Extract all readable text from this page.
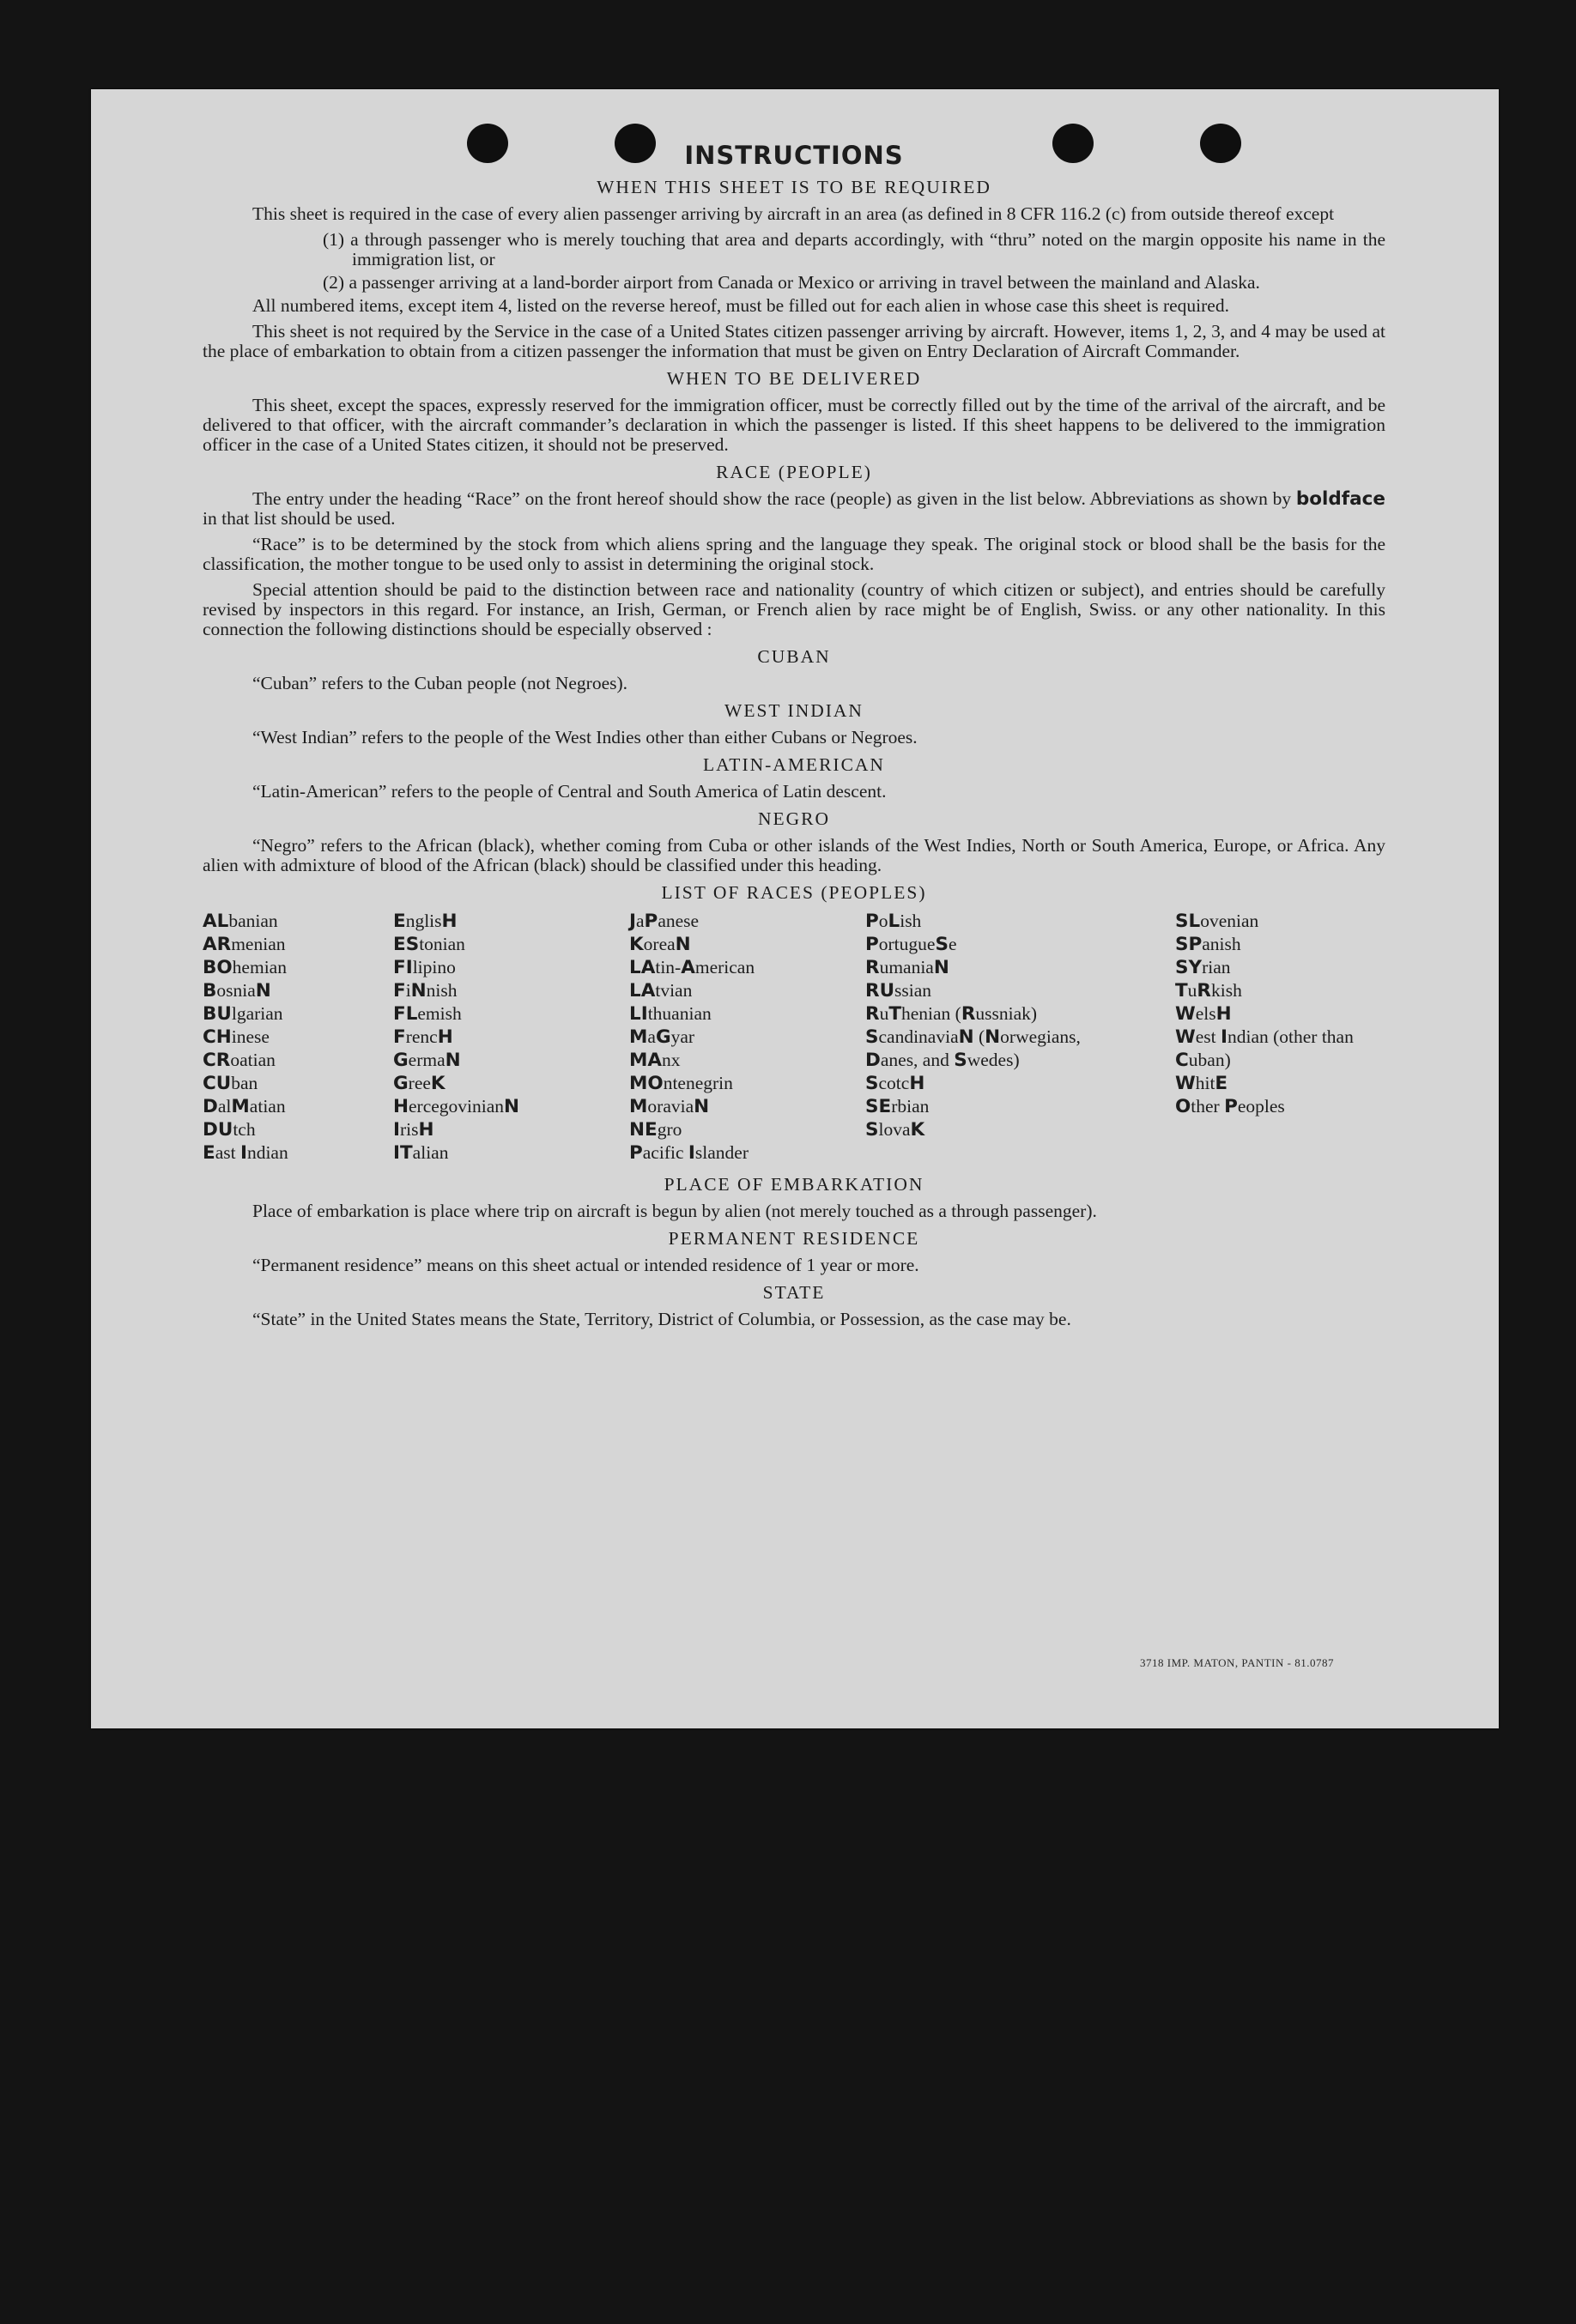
INSTRUCTIONS
WHEN THIS SHEET IS TO BE REQUIRED

This sheet is required in the case of every alien passenger arriving by aircraft in an area (as defined in 8 CFR 116.2 (c) from outside thereof except

(1) a through passenger who is merely touching that area and departs accordingly, with “thru” noted on the margin opposite his name in the immigration list, or
(2) a passenger arriving at a land-border airport from Canada or Mexico or arriving in travel between the mainland and Alaska.

All numbered items, except item 4, listed on the reverse hereof, must be filled out for each alien in whose case this sheet is required.

This sheet is not required by the Service in the case of a United States citizen passenger arriving by aircraft. However, items 1, 2, 3, and 4 may be used at the place of embarkation to obtain from a citizen passenger the information that must be given on Entry Declaration of Aircraft Commander.

WHEN TO BE DELIVERED

This sheet, except the spaces, expressly reserved for the immigration officer, must be correctly filled out by the time of the arrival of the aircraft, and be delivered to that officer, with the aircraft commander’s declaration in which the passenger is listed. If this sheet happens to be delivered to the immigration officer in the case of a United States citizen, it should not be preserved.

RACE (PEOPLE)

The entry under the heading “Race” on the front hereof should show the race (people) as given in the list below. Abbreviations as shown by boldface in that list should be used.

“Race” is to be determined by the stock from which aliens spring and the language they speak. The original stock or blood shall be the basis for the classification, the mother tongue to be used only to assist in determining the original stock.

Special attention should be paid to the distinction between race and nationality (country of which citizen or subject), and entries should be carefully revised by inspectors in this regard. For instance, an Irish, German, or French alien by race might be of English, Swiss. or any other nationality. In this connection the following distinctions should be especially observed :

CUBAN

“Cuban” refers to the Cuban people (not Negroes).

WEST INDIAN

“West Indian” refers to the people of the West Indies other than either Cubans or Negroes.

LATIN-AMERICAN

“Latin-American” refers to the people of Central and South America of Latin descent.

NEGRO

“Negro” refers to the African (black), whether coming from Cuba or other islands of the West Indies, North or South America, Europe, or Africa. Any alien with admixture of blood of the African (black) should be classified under this heading.

LIST OF RACES (PEOPLES)
ALbanian
ARmenian
BOhemian
BosniaN
BUlgarian
CHinese
CRoatian
CUban
DalMatian
DUtch
East Indian
EnglisH
EStonian
FIlipino
FiNnish
FLemish
FrencH
GermaN
GreeK
HercegovinianN
IrisH
ITalian
JaPanese
KoreaN
LAtin-American
LAtvian
LIthuanian
MaGyar
MAnx
MOntenegrin
MoraviaN
NEgro
Pacific Islander
PoLish
PortugueSe
RumaniaN
RUssian
RuThenian (Russniak)
ScandinaviaN (Norwegians, Danes, and Swedes)
ScotcH
SErbian
SlovaK
SLovenian
SPanish
SYrian
TuRkish
WelsH
West Indian (other than Cuban)
WhitE
Other Peoples
PLACE OF EMBARKATION

Place of embarkation is place where trip on aircraft is begun by alien (not merely touched as a through passenger).

PERMANENT RESIDENCE

“Permanent residence” means on this sheet actual or intended residence of 1 year or more.

STATE

“State” in the United States means the State, Territory, District of Columbia, or Possession, as the case may be.

3718 IMP. MATON, PANTIN - 81.0787
